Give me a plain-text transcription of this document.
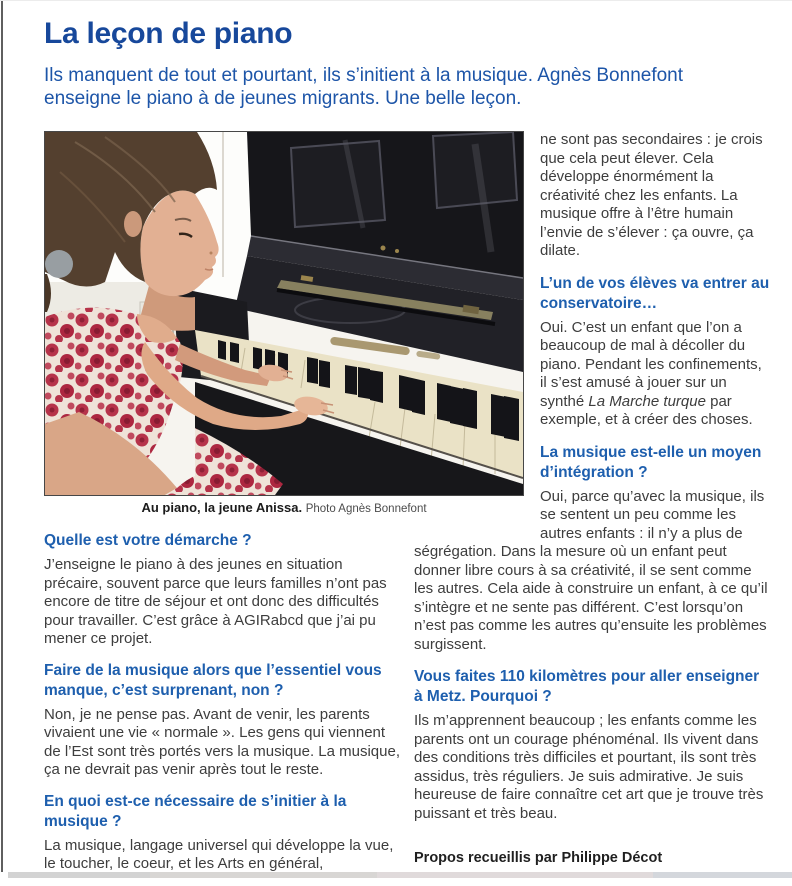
La leçon de piano

Ils manquent de tout et pourtant, ils s’initient à la musique. Agnès Bonnefont enseigne le piano à de jeunes migrants. Une belle leçon.

Au piano, la jeune Anissa. Photo Agnès Bonnefont
Quelle est votre démarche ?

J’enseigne le piano à des jeunes en situation précaire, souvent parce que leurs familles n’ont pas encore de titre de séjour et ont donc des difficultés pour travailler. C’est grâce à AGIRabcd que j’ai pu mener ce projet.

Faire de la musique alors que l’essentiel vous manque, c’est surprenant, non ?

Non, je ne pense pas. Avant de venir, les parents vivaient une vie « normale ». Les gens qui viennent de l’Est sont très portés vers la musique. La musique, ça ne devrait pas venir après tout le reste.

En quoi est-ce nécessaire de s’initier à la musique ?

La musique, langage universel qui développe la vue, le toucher, le coeur, et les Arts en général,

ne sont pas secondaires : je crois que cela peut élever. Cela développe énormément la créativité chez les enfants. La musique offre à l’être humain l’envie de s’élever : ça ouvre, ça dilate.

L’un de vos élèves va entrer au conservatoire…

Oui. C’est un enfant que l’on a beaucoup de mal à décoller du piano. Pendant les confinements, il s’est amusé à jouer sur un synthé La Marche turque par exemple, et à créer des choses.

La musique est-elle un moyen d’intégration ?

Oui, parce qu’avec la musique, ils se sentent un peu comme les autres enfants : il n’y a plus de ségrégation. Dans la mesure où un enfant peut donner libre cours à sa créativité, il se sent comme les autres. Cela aide à construire un enfant, à ce qu’il s’intègre et ne sente pas différent. C’est lorsqu’on n’est pas comme les autres qu’ensuite les problèmes surgissent.

Vous faites 110 kilomètres pour aller enseigner à Metz. Pourquoi ?

Ils m’apprennent beaucoup ; les enfants comme les parents ont un courage phénoménal. Ils vivent dans des conditions très difficiles et pourtant, ils sont très assidus, très réguliers. Je suis admirative. Je suis heureuse de faire connaître cet art que je trouve très puissant et très beau.

Propos recueillis par Philippe Décot
